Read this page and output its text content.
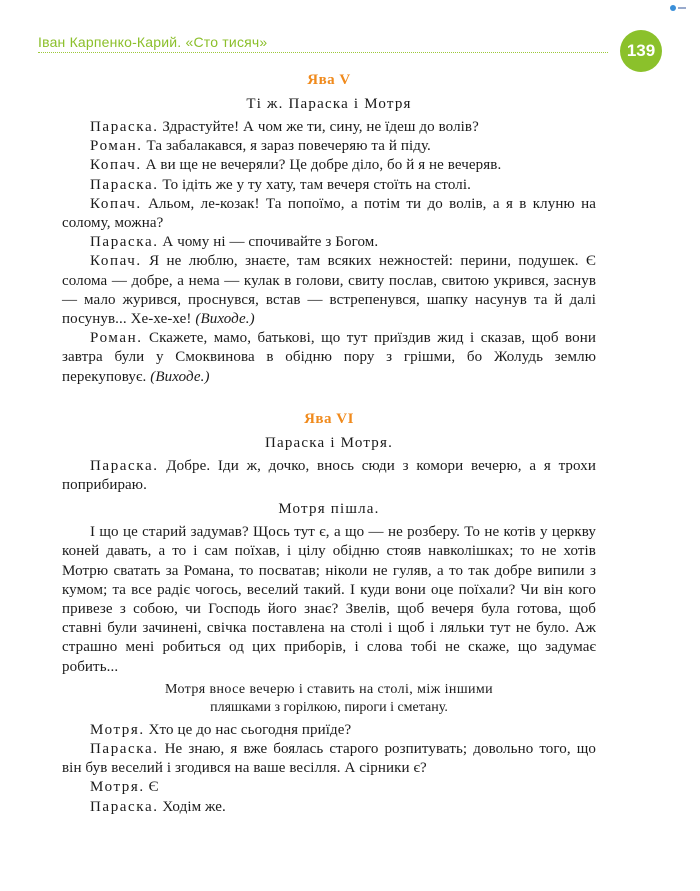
Іван Карпенко-Карий. «Сто тисяч»	139
Ява V
Ті ж. Параска і Мотря

Параска. Здрастуйте! А чом же ти, сину, не їдеш до волів?

Роман. Та забалакався, я зараз повечеряю та й піду.

Копач. А ви ще не вечеряли? Це добре діло, бо й я не вечеряв.

Параска. То ідіть же у ту хату, там вечеря стоїть на столі.

Копач. Альом, ле-козак! Та попоїмо, а потім ти до волів, а я в клуню на солому, можна?

Параска. А чому ні — спочивайте з Богом.

Копач. Я не люблю, знаєте, там всяких нежностей: перини, подушек. Є солома — добре, а нема — кулак в голови, свиту послав, свитою укрився, заснув — мало журився, проснувся, встав — встрепенувся, шапку насунув та й далі посунув... Хе-хе-хе! (Виходе.)

Роман. Скажете, мамо, батькові, що тут приїздив жид і сказав, щоб вони завтра були у Смоквинова в обідню пору з грішми, бо Жолудь землю перекуповує. (Виходе.)

Ява VI
Параска і Мотря.

Параска. Добре. Іди ж, дочко, внось сюди з комори вечерю, а я трохи поприбираю.

Мотря пішла.

І що це старий задумав? Щось тут є, а що — не розберу. То не котів у церкву коней давать, а то і сам поїхав, і цілу обідню стояв навколішках; то не хотів Мотрю сватать за Романа, то посватав; ніколи не гуляв, а то так добре випили з кумом; та все радіє чогось, веселий такий. І куди вони оце поїхали? Чи він кого привезе з собою, чи Господь його знає? Звелів, щоб вечеря була готова, щоб ставні були зачинені, свічка поставлена на столі і щоб і ляльки тут не було. Аж страшно мені робиться од цих приборів, і слова тобі не скаже, що задумає робить...

Мотря вносе вечерю і ставить на столі, між іншими
пляшками з горілкою, пироги і сметану.

Мотря. Хто це до нас сьогодня приїде?

Параска. Не знаю, я вже боялась старого розпитувать; довольно того, що він був веселий і згодився на ваше весілля. А сірники є?

Мотря. Є

Параска. Ходім же.
